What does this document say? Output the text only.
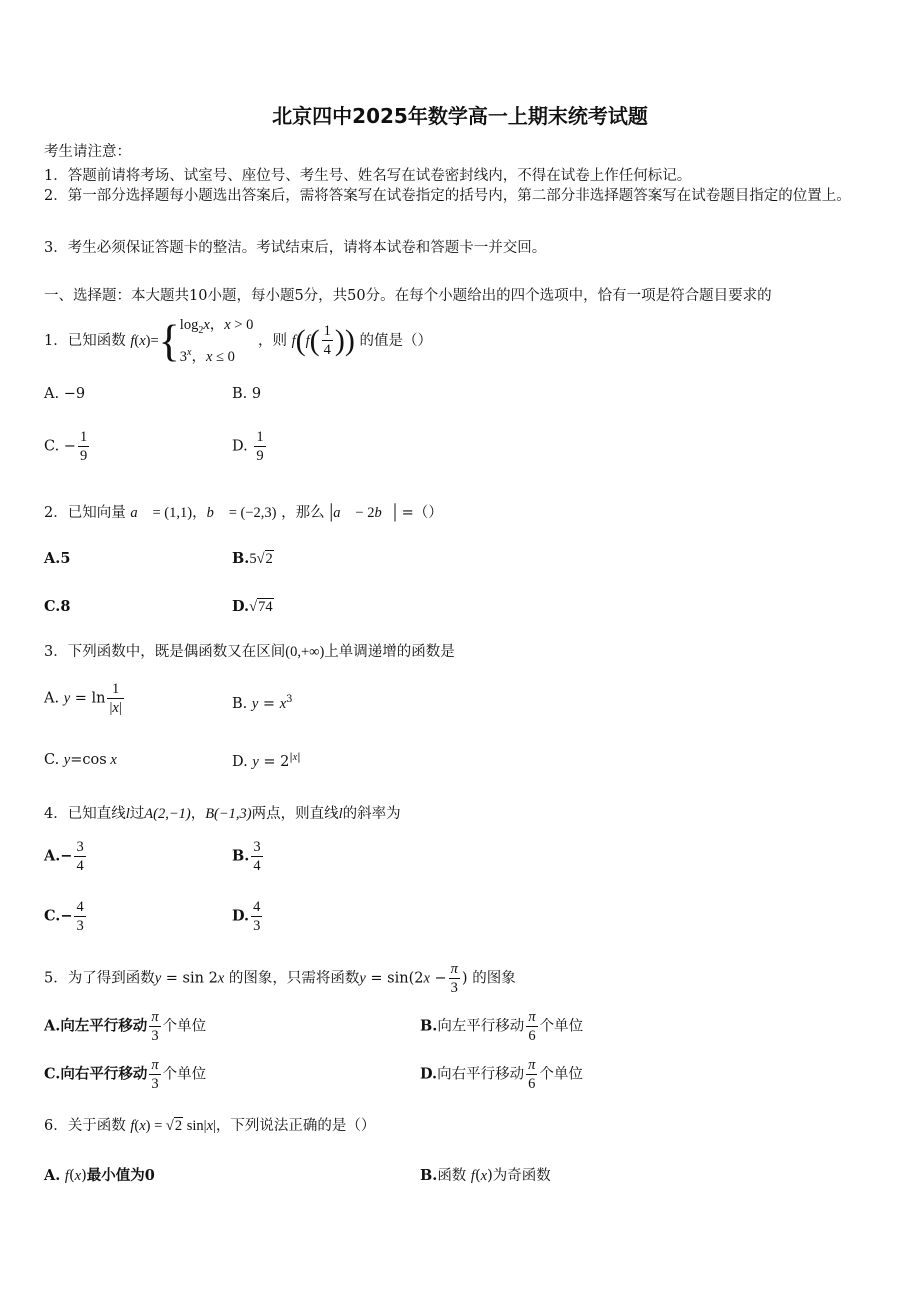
北京四中2025年数学高一上期末统考试题
考生请注意：
1．答题前请将考场、试室号、座位号、考生号、姓名写在试卷密封线内，不得在试卷上作任何标记。
2．第一部分选择题每小题选出答案后，需将答案写在试卷指定的括号内，第二部分非选择题答案写在试卷题目指定的位置上。
3．考生必须保证答题卡的整洁。考试结束后，请将本试卷和答题卡一并交回。
一、选择题：本大题共10小题，每小题5分，共50分。在每个小题给出的四个选项中，恰有一项是符合题目要求的
1．已知函数 f(x)={ $\log_2x$，x > 0
3$^x$，x ≤ 0
，则 $f(f( \frac{1}{4}$ )) 的值是（）
A. −9	B. 9
C. − $\frac{1}{9}$	D. $\frac{1}{9}$
2．已知向量 a⃗ = (1,1)，b⃗ = (−2,3) ，那么 |a⃗ − 2b⃗| =（）
A.5	B.5√2
C.8	D.√74
3．下列函数中，既是偶函数又在区间(0,+∞)上单调递增的函数是
A. $y = \ln \frac{1}{|x|}$	B. $y = x^3$
C. y=cos x	D. $y = 2^{|x|}$
4．已知直线l过A(2,−1)，B(−1,3)两点，则直线l的斜率为
$A.- \frac{3}{4}$	B. $\frac{3}{4}$
$C.- \frac{4}{3}$	D. $\frac{4}{3}$
5．为了得到函数y = sin 2x 的图象，只需将函数$y = \sin(2x - \frac{\pi}{3}$ ) 的图象
A.向左平行移动 $\frac{\pi}{3}$ 个单位	B.向左平行移动 $\frac{\pi}{6}$ 个单位
C.向右平行移动 $\frac{\pi}{3}$ 个单位	D.向右平行移动 $\frac{\pi}{6}$ 个单位
6．关于函数 f(x) = √2 sin|x|，下列说法正确的是（）
A. f(x)最小值为0	B.函数 f(x)为奇函数
